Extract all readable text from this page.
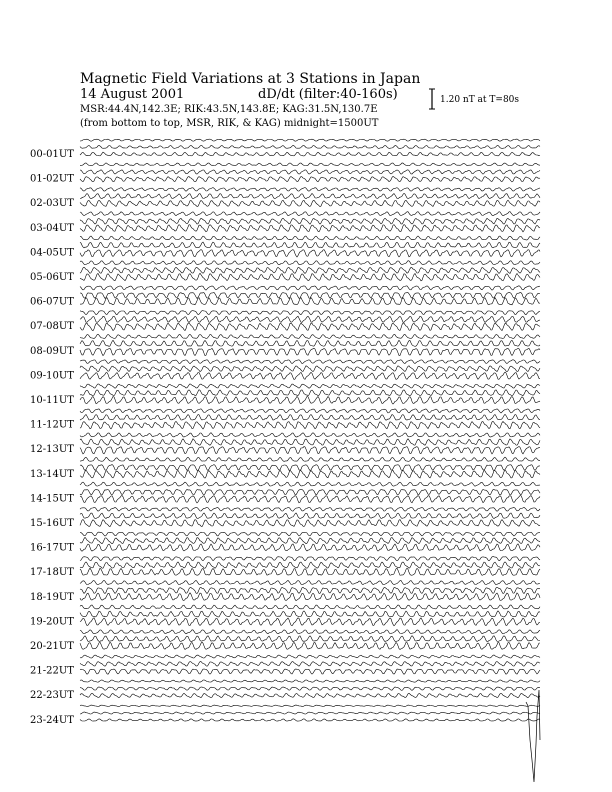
Magnetic Field Variations at 3 Stations in Japan
14 August 2001	dD/dt (filter:40-160s)
MSR:44.4N,142.3E; RIK:43.5N,143.8E; KAG:31.5N,130.7E
(from bottom to top, MSR, RIK, & KAG) midnight=1500UT
1.20 nT at T=80s
00-01UT
01-02UT
02-03UT
03-04UT
04-05UT
05-06UT
06-07UT
07-08UT
08-09UT
09-10UT
10-11UT
11-12UT
12-13UT
13-14UT
14-15UT
15-16UT
16-17UT
17-18UT
18-19UT
19-20UT
20-21UT
21-22UT
22-23UT
23-24UT
